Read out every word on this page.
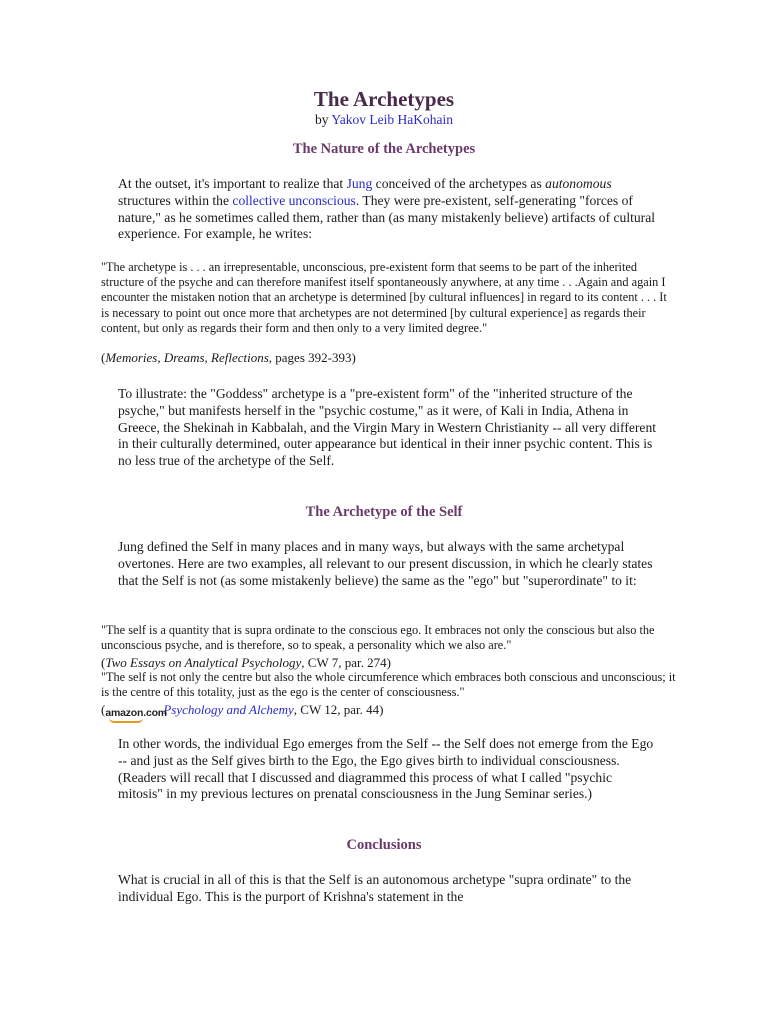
The Archetypes
by Yakov Leib HaKohain
The Nature of the Archetypes

At the outset, it's important to realize that Jung conceived of the archetypes as autonomous structures within the collective unconscious. They were pre-existent, self-generating "forces of nature," as he sometimes called them, rather than (as many mistakenly believe) artifacts of cultural experience. For example, he writes:

"The archetype is . . . an irrepresentable, unconscious, pre-existent form that seems to be part of the inherited structure of the psyche and can therefore manifest itself spontaneously anywhere, at any time . . .Again and again I encounter the mistaken notion that an archetype is determined [by cultural influences] in regard to its content . . . It is necessary to point out once more that archetypes are not determined [by cultural experience] as regards their content, but only as regards their form and then only to a very limited degree."

(Memories, Dreams, Reflections, pages 392-393)

To illustrate: the "Goddess" archetype is a "pre-existent form" of the "inherited structure of the psyche," but manifests herself in the "psychic costume," as it were, of Kali in India, Athena in Greece, the Shekinah in Kabbalah, and the Virgin Mary in Western Christianity -- all very different in their culturally determined, outer appearance but identical in their inner psychic content. This is no less true of the archetype of the Self.

The Archetype of the Self

Jung defined the Self in many places and in many ways, but always with the same archetypal overtones. Here are two examples, all relevant to our present discussion, in which he clearly states that the Self is not (as some mistakenly believe) the same as the "ego" but "superordinate" to it:

"The self is a quantity that is supra ordinate to the conscious ego. It embraces not only the conscious but also the unconscious psyche, and is therefore, so to speak, a personality which we also are."

(Two Essays on Analytical Psychology, CW 7, par. 274)

"The self is not only the centre but also the whole circumference which embraces both conscious and unconscious; it is the centre of this totality, just as the ego is the center of consciousness."

(amazon.com
Psychology and Alchemy, CW 12, par. 44)

In other words, the individual Ego emerges from the Self -- the Self does not emerge from the Ego -- and just as the Self gives birth to the Ego, the Ego gives birth to individual consciousness. (Readers will recall that I discussed and diagrammed this process of what I called "psychic mitosis" in my previous lectures on prenatal consciousness in the Jung Seminar series.)

Conclusions

What is crucial in all of this is that the Self is an autonomous archetype "supra ordinate" to the individual Ego. This is the purport of Krishna's statement in the
